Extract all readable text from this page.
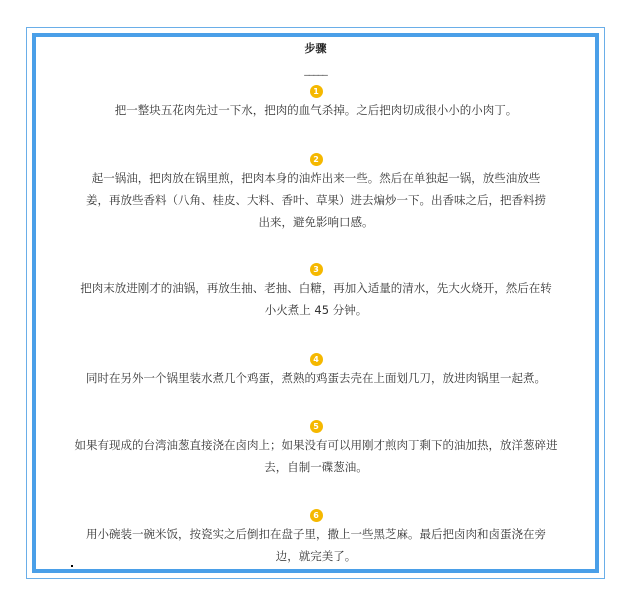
步骤
_____
1
把一整块五花肉先过一下水，把肉的血气杀掉。之后把肉切成很小小的小肉丁。
2
起一锅油，把肉放在锅里煎，把肉本身的油炸出来一些。然后在单独起一锅，放些油放些姜，再放些香料（八角、桂皮、大料、香叶、草果）进去煸炒一下。出香味之后，把香料捞出来，避免影响口感。
3
把肉末放进刚才的油锅，再放生抽、老抽、白糖，再加入适量的清水，先大火烧开，然后在转小火煮上 45 分钟。
4
同时在另外一个锅里装水煮几个鸡蛋，煮熟的鸡蛋去壳在上面划几刀，放进肉锅里一起煮。
5
如果有现成的台湾油葱直接浇在卤肉上；如果没有可以用刚才煎肉丁剩下的油加热，放洋葱碎进去，自制一碟葱油。
6
用小碗装一碗米饭，按瓷实之后倒扣在盘子里，撒上一些黑芝麻。最后把卤肉和卤蛋浇在旁边，就完美了。
